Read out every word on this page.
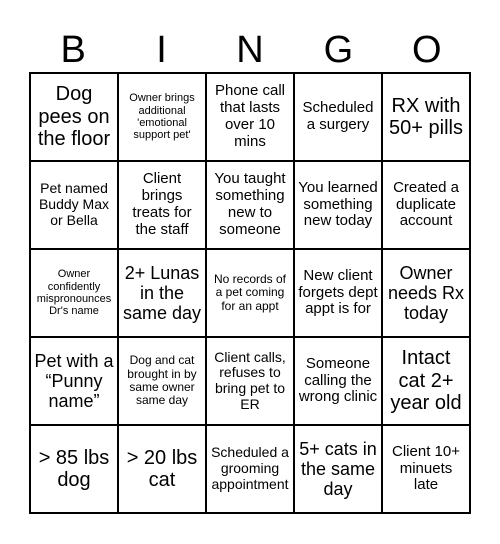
B	I	N	G	O
Dog pees on the floor
Owner brings additional 'emotional support pet'
Phone call that lasts over 10 mins
Scheduled a surgery
RX with 50+ pills
Pet named Buddy Max or Bella
Client brings treats for the staff
You taught something new to someone
You learned something new today
Created a duplicate account
Owner confidently mispronounces Dr's name
2+ Lunas in the same day
No records of a pet coming for an appt
New client forgets dept appt is for
Owner needs Rx today
Pet with a “Punny name”
Dog and cat brought in by same owner same day
Client calls, refuses to bring pet to ER
Someone calling the wrong clinic
Intact cat 2+ year old
> 85 lbs dog
> 20 lbs cat
Scheduled a grooming appointment
5+ cats in the same day
Client 10+ minuets late
